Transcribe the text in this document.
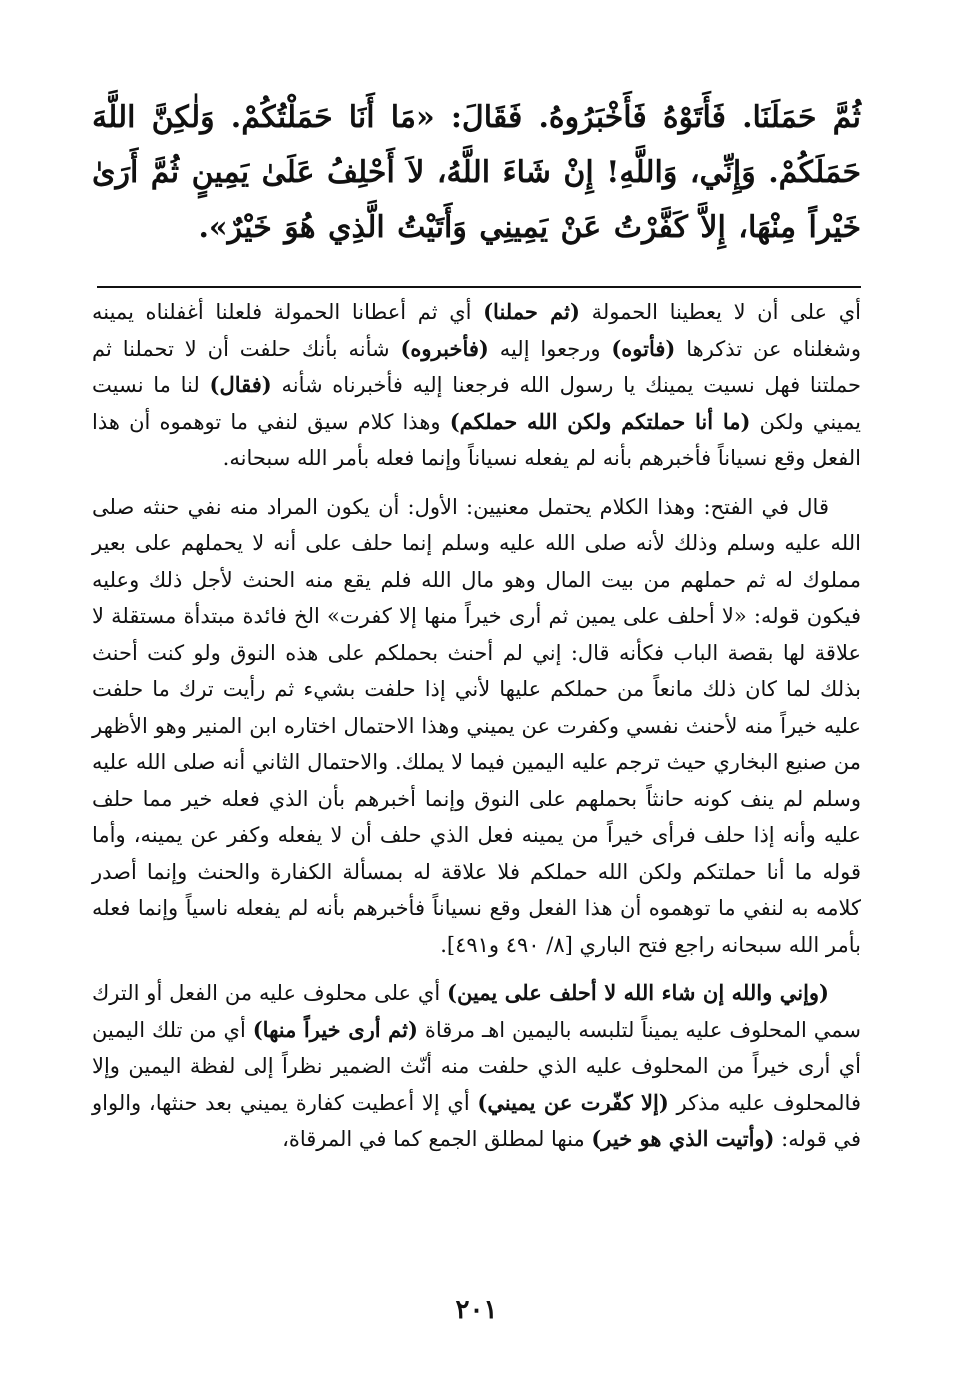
ثُمَّ حَمَلَنَا. فَأَتَوْهُ فَأَخْبَرُوهُ. فَقَالَ: «مَا أَنَا حَمَلْتُكُمْ. وَلٰكِنَّ اللَّهَ حَمَلَكُمْ. وَإِنِّي، وَاللَّهِ! إِنْ شَاءَ اللَّهُ، لاَ أَحْلِفُ عَلَىٰ يَمِينٍ ثُمَّ أَرَىٰ خَيْراً مِنْهَا، إِلاَّ كَفَّرْتُ عَنْ يَمِينِي وَأَتَيْتُ الَّذِي هُوَ خَيْرٌ».

أي على أن لا يعطينا الحمولة (ثم حملنا) أي ثم أعطانا الحمولة فلعلنا أغفلناه يمينه وشغلناه عن تذكرها (فأتوه) ورجعوا إليه (فأخبروه) شأنه بأنك حلفت أن لا تحملنا ثم حملتنا فهل نسيت يمينك يا رسول الله فرجعنا إليه فأخبرناه شأنه (فقال) لنا ما نسيت يميني ولكن (ما أنا حملتكم ولكن الله حملكم) وهذا كلام سيق لنفي ما توهموه أن هذا الفعل وقع نسياناً فأخبرهم بأنه لم يفعله نسياناً وإنما فعله بأمر الله سبحانه.

قال في الفتح: وهذا الكلام يحتمل معنيين: الأول: أن يكون المراد منه نفي حنثه صلى الله عليه وسلم وذلك لأنه صلى الله عليه وسلم إنما حلف على أنه لا يحملهم على بعير مملوك له ثم حملهم من بيت المال وهو مال الله فلم يقع منه الحنث لأجل ذلك وعليه فيكون قوله: «لا أحلف على يمين ثم أرى خيراً منها إلا كفرت» الخ فائدة مبتدأة مستقلة لا علاقة لها بقصة الباب فكأنه قال: إني لم أحنث بحملكم على هذه النوق ولو كنت أحنث بذلك لما كان ذلك مانعاً من حملكم عليها لأني إذا حلفت بشيء ثم رأيت ترك ما حلفت عليه خيراً منه لأحنث نفسي وكفرت عن يميني وهذا الاحتمال اختاره ابن المنير وهو الأظهر من صنيع البخاري حيث ترجم عليه اليمين فيما لا يملك. والاحتمال الثاني أنه صلى الله عليه وسلم لم ينف كونه حانثاً بحملهم على النوق وإنما أخبرهم بأن الذي فعله خير مما حلف عليه وأنه إذا حلف فرأى خيراً من يمينه فعل الذي حلف أن لا يفعله وكفر عن يمينه، وأما قوله ما أنا حملتكم ولكن الله حملكم فلا علاقة له بمسألة الكفارة والحنث وإنما أصدر كلامه به لنفي ما توهموه أن هذا الفعل وقع نسياناً فأخبرهم بأنه لم يفعله ناسياً وإنما فعله بأمر الله سبحانه راجع فتح الباري [٨/ ٤٩٠ و٤٩١].

(وإني والله إن شاء الله لا أحلف على يمين) أي على محلوف عليه من الفعل أو الترك سمي المحلوف عليه يميناً لتلبسه باليمين اهـ مرقاة (ثم أرى خيراً منها) أي من تلك اليمين أي أرى خيراً من المحلوف عليه الذي حلفت منه أنّث الضمير نظراً إلى لفظة اليمين وإلا فالمحلوف عليه مذكر (إلا كفّرت عن يميني) أي إلا أعطيت كفارة يميني بعد حنثها، والواو في قوله: (وأتيت الذي هو خير) منها لمطلق الجمع كما في المرقاة،

٢٠١
